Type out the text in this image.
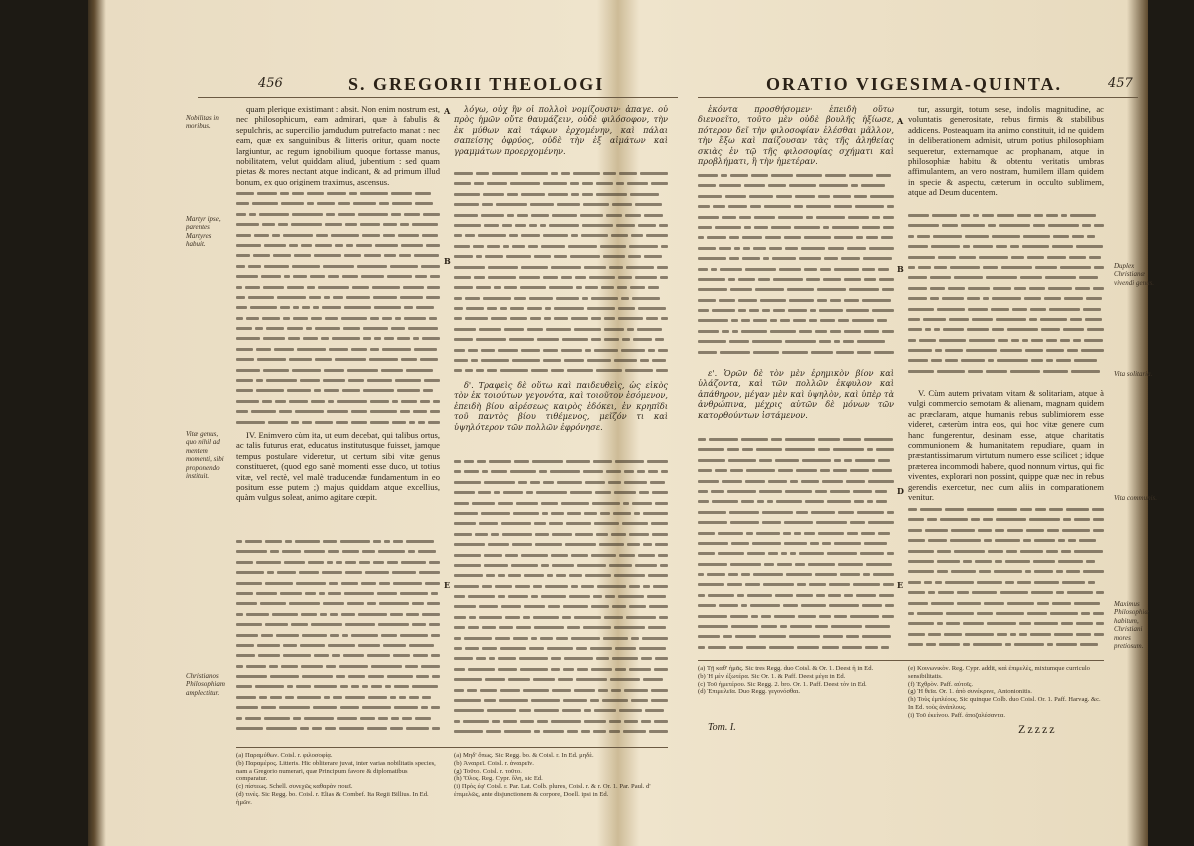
456	S. GREGORII THEOLOGI
Nobilitas in moribus.
Martyr ipse, parentes Martyres habuit.
Vitæ genus, quo nihil ad mentem momenti, sibi proponendo instituit.
Christianos Philosophiam amplectitur.

quam plerique existimant : absit. Non enim nostrum est, nec philosophicum, eam admirari, quæ à fabulis & sepulchris, ac supercilio jamdudum putrefacto manat : nec eam, quæ ex sanguinibus & litteris oritur, quam nocte largiuntur, ac regum ignobilium quoque fortasse manus, nobilitatem, velut quiddam aliud, jubentium : sed quam pietas & mores nectant atque indicant, & ad primum illud bonum, ex quo originem traximus, ascensus.

IV. Enimvero cùm ita, ut eum decebat, qui talibus ortus, ac talis futurus erat, educatus institutusque fuisset, jamque tempus postulare videretur, ut certum sibi vitæ genus constitueret, (quod ego sanè momenti esse duco, ut totius vitæ, vel rectè, vel malè traducendæ fundamentum in eo positum esse putem ;) majus quiddam atque excellius, quàm vulgus soleat, animo agitare cœpit.

A
B
E

λόγω, οὐχ ἣν οἱ πολλοὶ νομίζουσιν· ἀπαγε. οὐ πρὸς ἡμῶν οὔτε θαυμάζειν, οὐδὲ φιλόσοφον, τὴν ἐκ μύθων καὶ τάφων ἐρχομένην, καὶ πάλαι σαπείσης ὀφρύος, οὐδὲ τὴν ἐξ αἱμάτων καὶ γραμμάτων προερχομένην.

δ'. Τραφεὶς δὲ οὕτω καὶ παιδευθεὶς, ὡς εἰκὸς τὸν ἐκ τοιούτων γεγονότα, καὶ τοιοῦτον ἐσόμενον, ἐπειδὴ βίου αἱρέσεως καιρὸς ἐδόκει, ἐν κρηπῖδι τοῦ παντὸς βίου τιθέμενος, μεῖζόν τι καὶ ὑψηλότερον τῶν πολλῶν ἐφρόνησε.

(a) Παραμύθων. Coisl. r. φιλοσοφίᾳ.
(b) Παραμέρος. Litteris. Hic obliterare juvat, inter varias nobilitatis species, nam a Gregorio numerari, quæ Principum favore & diplomatibus comparatur.
(c) πίστεως. Schell. συνεχῶς καθαρὰν ποιεῖ.
(d) τινὲς. Sic Regg. bo. Coisl. r. Elias & Combef. Ita Regii Billius. In Ed. ἡμῶν.
(a) Μηδ' ὅπως. Sic Regg. bo. & Coisl. r. In Ed. μηδὲ.
(b) Ἀναιρεῖ. Coisl. r. ἀναιρεῖν.
(g) Τοῦτο. Coisl. r. τοῦτο.
(h) Ὅλος. Reg. Cypr. ὅλη, sic Ed.
(i) Πρὸς ἐφ' Coisl. r. Par. Lat. Colb. plures, Coisl. r. & r. Or. 1. Par. Paul. d' ἐπιμελῶς, ante disjunctionem & corpore, Doell. ipsi in Ed.
ORATIO VIGESIMA-QUINTA.	457

ἑκόντα προσθήσομεν· ἐπειδὴ οὕτω διενοεῖτο, τοῦτο μὲν οὐδὲ βουλῆς ἠξίωσε, πότερον δεῖ τὴν φιλοσοφίαν ἑλέσθαι μᾶλλον, τὴν ἔξω καὶ παίζουσαν τὰς τῆς ἀληθείας σκιὰς ἐν τῷ τῆς φιλοσοφίας σχήματι καὶ προβλήματι, ἢ τὴν ἡμετέραν.

ε'. Ὁρῶν δὲ τὸν μὲν ἐρημικὸν βίον καὶ ὑλάζοντα, καὶ τῶν πολλῶν ἐκφυλον καὶ ἀπάθηρον, μέγαν μὲν καὶ ὑψηλὸν, καὶ ὑπὲρ τὰ ἀνθρώπινα, μέχρις αὐτῶν δὲ μόνων τῶν κατορθούντων ἱστάμενον.

A
B
D
E

tur, assurgit, totum sese, indolis magnitudine, ac voluntatis generositate, rebus firmis & stabilibus addicens. Posteaquam ita animo constituit, id ne quidem in deliberationem admisit, utrum potius philosophiam sequeretur, externamque ac prophanam, atque in philosophiæ habitu & obtentu veritatis umbras affimulantem, an vero nostram, humilem illam quidem in specie & aspectu, cæterum in occulto sublimem, atque ad Deum ducentem.

V. Cùm autem privatam vitam & solitariam, atque à vulgi commercio semotam & alienam, magnam quidem ac præclaram, atque humanis rebus sublimiorem esse videret, cæterùm intra eos, qui hoc vitæ genere cum hanc fungerentur, desinam esse, atque charitatis communionem & humanitatem repudiare, quam in præstantissimarum virtutum numero esse scilicet ; idque præterea incommodi habere, quod nonnum virtus, qui fic viventes, explorari non possint, quippe quæ nec in rebus gerendis exercetur, nec cum aliis in comparationem venitur.

Duplex Christianæ vivendi genus.
Vita solitaria.
Vita communis.
Maximus Philosophiæ habitum, Christiani mores pretiosum.
(a) Τῇ καθ' ἡμᾶς. Sic tres Regg. duo Coisl. & Or. 1. Deest ἡ in Ed.
(b) Ἡ μὲν ἐξωτέρα. Sic Or. 1. & Paff. Deest μέγα in Ed.
(c) Τοῦ ἡμετέρου. Sic Regg. 2. bro. Or. 1. Paff. Deest τὸν in Ed.
(d) Ἐπιμελεῖα. Duo Regg. γεγονόσθαι.
(e) Κοινωνικὸν. Reg. Cypr. addit, καὶ ἐπιμελὲς, mixtumque curriculo sensibilitatis.
(f) Ἐχθρὸν. Paff. αὐτοῖς.
(g) Ἡ θεῖα. Or. 1. ἀπὸ συνέκρινε, Antonionitis.
(h) Τοὺς ἐμπλέους. Sic quinque Colb. duo Coisl. Or. 1. Paff. Harvag. &c. In Ed. τοὺς ἀνάπλους.
(i) Τοῦ ἐκείνου. Paff. ἀποζαλέσαντα.
Tom. I.	Zzzzz
